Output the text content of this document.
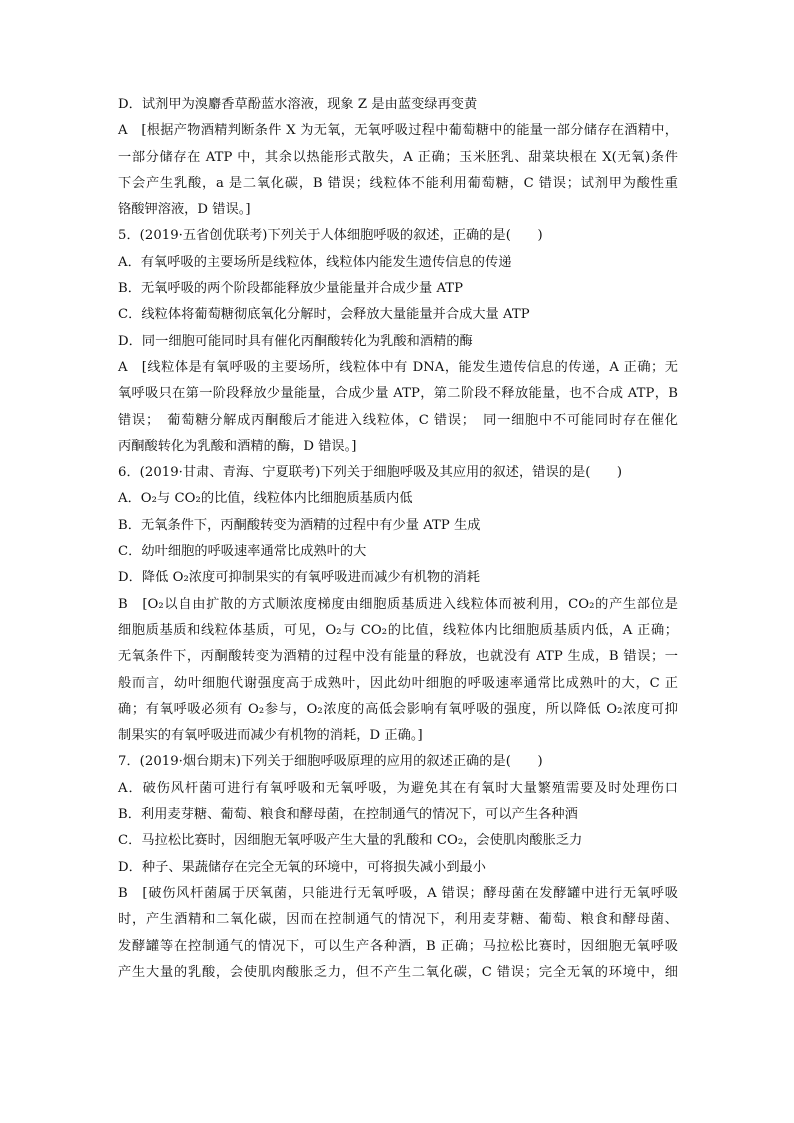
D．试剂甲为溴麝香草酚蓝水溶液，现象 Z 是由蓝变绿再变黄
A　[根据产物酒精判断条件 X 为无氧，无氧呼吸过程中葡萄糖中的能量一部分储存在酒精中，
一部分储存在 ATP 中，其余以热能形式散失，A 正确；玉米胚乳、甜菜块根在 X(无氧)条件
下会产生乳酸，a 是二氧化碳，B 错误；线粒体不能利用葡萄糖，C 错误；试剂甲为酸性重
铬酸钾溶液，D 错误。]
5．(2019·五省创优联考)下列关于人体细胞呼吸的叙述，正确的是(　　)
A．有氧呼吸的主要场所是线粒体，线粒体内能发生遗传信息的传递
B．无氧呼吸的两个阶段都能释放少量能量并合成少量 ATP
C．线粒体将葡萄糖彻底氧化分解时，会释放大量能量并合成大量 ATP
D．同一细胞可能同时具有催化丙酮酸转化为乳酸和酒精的酶
A　[线粒体是有氧呼吸的主要场所，线粒体中有 DNA，能发生遗传信息的传递，A 正确；无
氧呼吸只在第一阶段释放少量能量，合成少量 ATP，第二阶段不释放能量，也不合成 ATP，B
错误；　葡萄糖分解成丙酮酸后才能进入线粒体，C 错误；　同一细胞中不可能同时存在催化
丙酮酸转化为乳酸和酒精的酶，D 错误。]
6．(2019·甘肃、青海、宁夏联考)下列关于细胞呼吸及其应用的叙述，错误的是(　　)
A．O₂与 CO₂的比值，线粒体内比细胞质基质内低
B．无氧条件下，丙酮酸转变为酒精的过程中有少量 ATP 生成
C．幼叶细胞的呼吸速率通常比成熟叶的大
D．降低 O₂浓度可抑制果实的有氧呼吸进而减少有机物的消耗
B　[O₂以自由扩散的方式顺浓度梯度由细胞质基质进入线粒体而被利用，CO₂的产生部位是
细胞质基质和线粒体基质，可见，O₂与 CO₂的比值，线粒体内比细胞质基质内低，A 正确；
无氧条件下，丙酮酸转变为酒精的过程中没有能量的释放，也就没有 ATP 生成，B 错误；一
般而言，幼叶细胞代谢强度高于成熟叶，因此幼叶细胞的呼吸速率通常比成熟叶的大，C 正
确；有氧呼吸必须有 O₂参与，O₂浓度的高低会影响有氧呼吸的强度，所以降低 O₂浓度可抑
制果实的有氧呼吸进而减少有机物的消耗，D 正确。]
7．(2019·烟台期末)下列关于细胞呼吸原理的应用的叙述正确的是(　　)
A．破伤风杆菌可进行有氧呼吸和无氧呼吸，为避免其在有氧时大量繁殖需要及时处理伤口
B．利用麦芽糖、葡萄、粮食和酵母菌，在控制通气的情况下，可以产生各种酒
C．马拉松比赛时，因细胞无氧呼吸产生大量的乳酸和 CO₂，会使肌肉酸胀乏力
D．种子、果蔬储存在完全无氧的环境中，可将损失减小到最小
B　[破伤风杆菌属于厌氧菌，只能进行无氧呼吸，A 错误；酵母菌在发酵罐中进行无氧呼吸
时，产生酒精和二氧化碳，因而在控制通气的情况下，利用麦芽糖、葡萄、粮食和酵母菌、
发酵罐等在控制通气的情况下，可以生产各种酒，B 正确；马拉松比赛时，因细胞无氧呼吸
产生大量的乳酸，会使肌肉酸胀乏力，但不产生二氧化碳，C 错误；完全无氧的环境中，细
